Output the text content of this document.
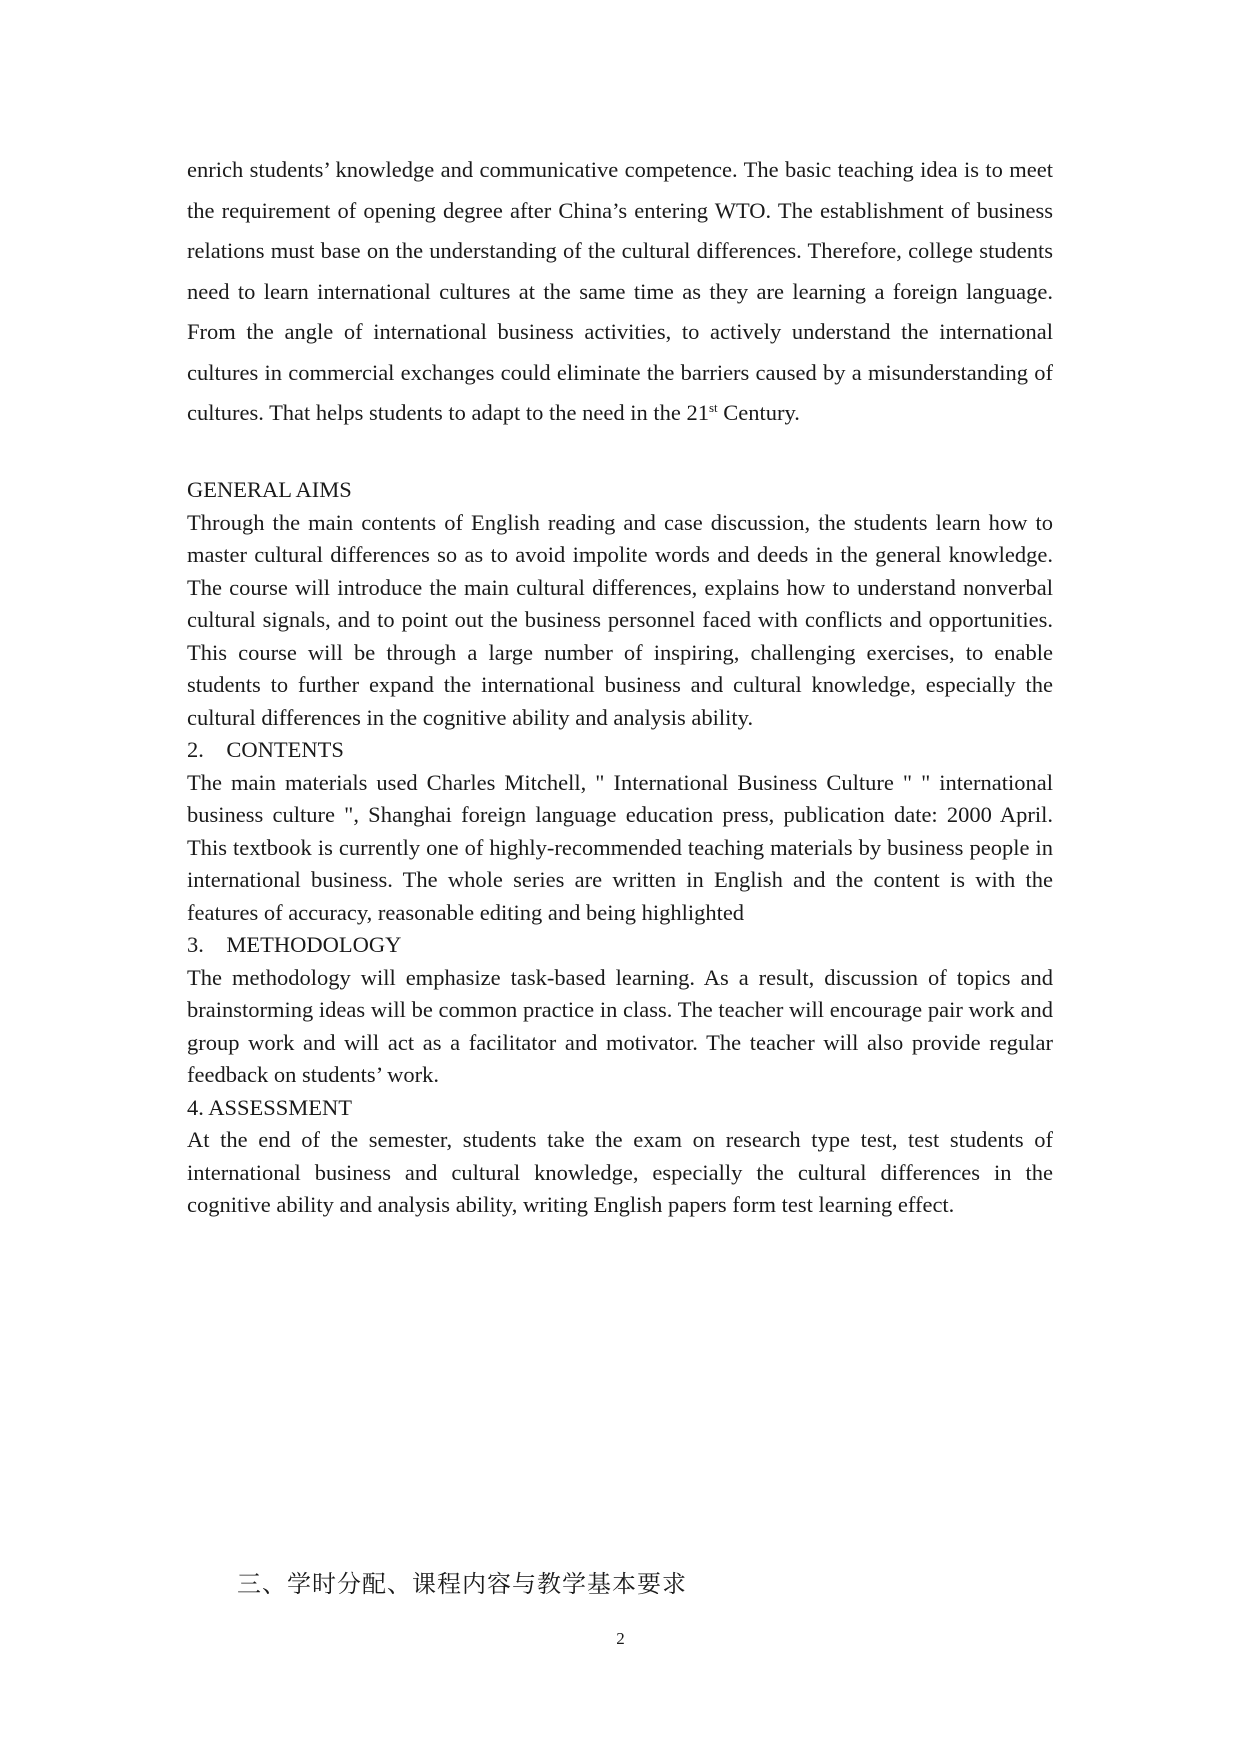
enrich students’ knowledge and communicative competence. The basic teaching idea is to meet the requirement of opening degree after China’s entering WTO. The establishment of business relations must base on the understanding of the cultural differences. Therefore, college students need to learn international cultures at the same time as they are learning a foreign language. From the angle of international business activities, to actively understand the international cultures in commercial exchanges could eliminate the barriers caused by a misunderstanding of cultures. That helps students to adapt to the need in the 21st Century.

GENERAL AIMS

Through the main contents of English reading and case discussion, the students learn how to master cultural differences so as to avoid impolite words and deeds in the general knowledge. The course will introduce the main cultural differences, explains how to understand nonverbal cultural signals, and to point out the business personnel faced with conflicts and opportunities. This course will be through a large number of inspiring, challenging exercises, to enable students to further expand the international business and cultural knowledge, especially the cultural differences in the cognitive ability and analysis ability.

2. CONTENTS

The main materials used Charles Mitchell, " International Business Culture " " international business culture ", Shanghai foreign language education press, publication date: 2000 April. This textbook is currently one of highly-recommended teaching materials by business people in international business. The whole series are written in English and the content is with the features of accuracy, reasonable editing and being highlighted

3. METHODOLOGY

The methodology will emphasize task-based learning. As a result, discussion of topics and brainstorming ideas will be common practice in class. The teacher will encourage pair work and group work and will act as a facilitator and motivator. The teacher will also provide regular feedback on students’ work.

4. ASSESSMENT

At the end of the semester, students take the exam on research type test, test students of international business and cultural knowledge, especially the cultural differences in the cognitive ability and analysis ability, writing English papers form test learning effect.

三、学时分配、课程内容与教学基本要求
2
